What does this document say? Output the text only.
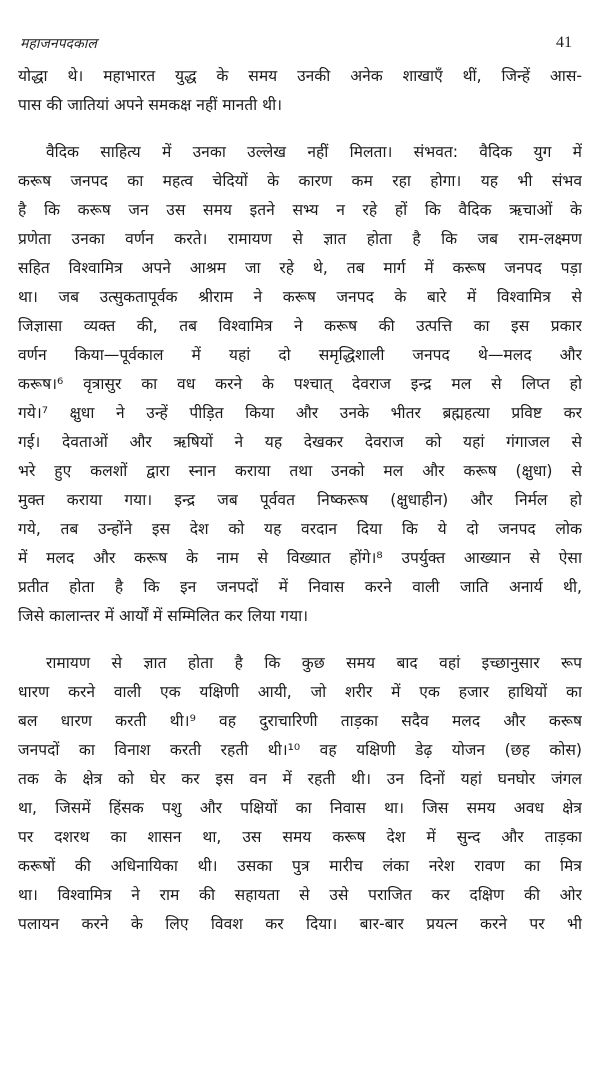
महाजनपदकाल	41
योद्धा थे। महाभारत युद्ध के समय उनकी अनेक शाखाएँ थीं, जिन्हें आस-
पास की जातियां अपने समकक्ष नहीं मानती थी।
वैदिक साहित्य में उनका उल्लेख नहीं मिलता। संभवत: वैदिक युग में
करूष जनपद का महत्व चेदियों के कारण कम रहा होगा। यह भी संभव
है कि करूष जन उस समय इतने सभ्य न रहे हों कि वैदिक ऋचाओं के
प्रणेता उनका वर्णन करते। रामायण से ज्ञात होता है कि जब राम-लक्ष्मण
सहित विश्वामित्र अपने आश्रम जा रहे थे, तब मार्ग में करूष जनपद पड़ा
था। जब उत्सुकतापूर्वक श्रीराम ने करूष जनपद के बारे में विश्वामित्र से
जिज्ञासा व्यक्त की, तब विश्वामित्र ने करूष की उत्पत्ति का इस प्रकार
वर्णन किया—पूर्वकाल में यहां दो समृद्धिशाली जनपद थे—मलद और
करूष।⁶ वृत्रासुर का वध करने के पश्चात् देवराज इन्द्र मल से लिप्त हो
गये।⁷ क्षुधा ने उन्हें पीड़ित किया और उनके भीतर ब्रह्महत्या प्रविष्ट कर
गई। देवताओं और ऋषियों ने यह देखकर देवराज को यहां गंगाजल से
भरे हुए कलशों द्वारा स्नान कराया तथा उनको मल और करूष (क्षुधा) से
मुक्त कराया गया। इन्द्र जब पूर्ववत निष्करूष (क्षुधाहीन) और निर्मल हो
गये, तब उन्होंने इस देश को यह वरदान दिया कि ये दो जनपद लोक
में मलद और करूष के नाम से विख्यात होंगे।⁸ उपर्युक्त आख्यान से ऐसा
प्रतीत होता है कि इन जनपदों में निवास करने वाली जाति अनार्य थी,
जिसे कालान्तर में आर्यों में सम्मिलित कर लिया गया।
रामायण से ज्ञात होता है कि कुछ समय बाद वहां इच्छानुसार रूप
धारण करने वाली एक यक्षिणी आयी, जो शरीर में एक हजार हाथियों का
बल धारण करती थी।⁹ वह दुराचारिणी ताड़का सदैव मलद और करूष
जनपदों का विनाश करती रहती थी।¹⁰ वह यक्षिणी डेढ़ योजन (छह कोस)
तक के क्षेत्र को घेर कर इस वन में रहती थी। उन दिनों यहां घनघोर जंगल
था, जिसमें हिंसक पशु और पक्षियों का निवास था। जिस समय अवध क्षेत्र
पर दशरथ का शासन था, उस समय करूष देश में सुन्द और ताड़का
करूषों की अधिनायिका थी। उसका पुत्र मारीच लंका नरेश रावण का मित्र
था। विश्वामित्र ने राम की सहायता से उसे पराजित कर दक्षिण की ओर
पलायन करने के लिए विवश कर दिया। बार-बार प्रयत्न करने पर भी
